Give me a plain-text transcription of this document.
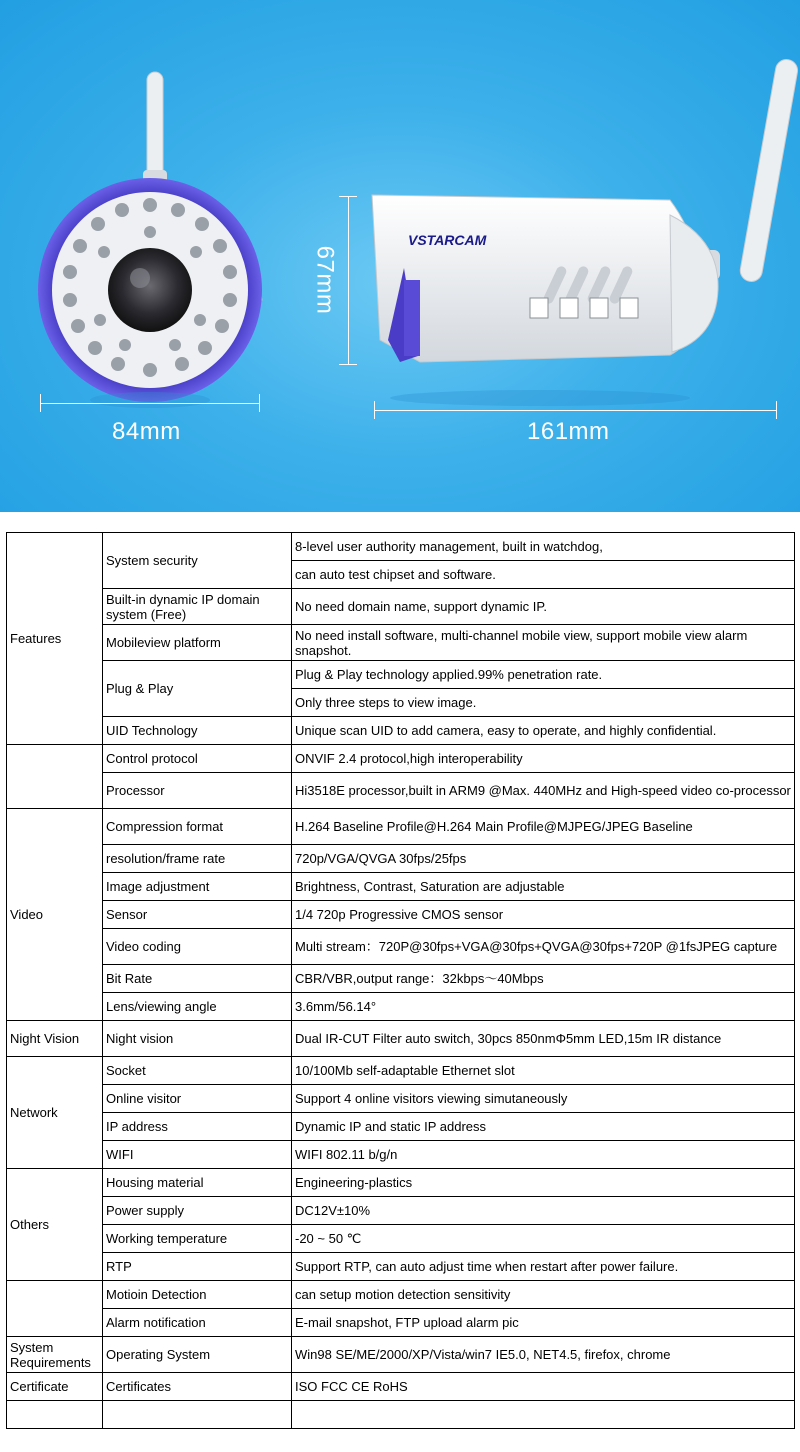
VSTARCAM
84mm
67mm
161mm
Features	System security	8-level user authority management, built in watchdog,
		can auto test chipset and software.
	Built-in dynamic IP domain system (Free)	No need domain name, support dynamic IP.
	Mobileview platform	No need install software, multi-channel mobile view, support mobile view alarm snapshot.
	Plug & Play	Plug & Play technology applied.99% penetration rate.
		Only three steps to view image.
	UID Technology	Unique scan UID to add camera, easy to operate, and highly confidential.
	Control protocol	ONVIF 2.4 protocol,high interoperability
	Processor	Hi3518E processor,built in ARM9 @Max. 440MHz and High-speed video co-processor
Video	Compression format	H.264 Baseline Profile@H.264 Main Profile@MJPEG/JPEG Baseline
	resolution/frame rate	720p/VGA/QVGA 30fps/25fps
	Image adjustment	Brightness, Contrast, Saturation are adjustable
	Sensor	1/4 720p Progressive CMOS sensor
	Video coding	Multi stream：720P@30fps+VGA@30fps+QVGA@30fps+720P @1fsJPEG capture
	Bit Rate	CBR/VBR,output range：32kbps～40Mbps
	Lens/viewing angle	3.6mm/56.14°
Night Vision	Night vision	Dual IR-CUT Filter auto switch, 30pcs 850nmΦ5mm LED,15m IR distance
Network	Socket	10/100Mb self-adaptable Ethernet slot
	Online visitor	Support 4 online visitors viewing simutaneously
	IP address	Dynamic IP and static IP address
	WIFI	WIFI 802.11 b/g/n
Others	Housing material	Engineering-plastics
	Power supply	DC12V±10%
	Working temperature	-20 ~ 50 ℃
	RTP	Support RTP, can auto adjust time when restart after power failure.
	Motioin Detection	can setup motion detection sensitivity
	Alarm notification	E-mail snapshot, FTP upload alarm pic
System Requirements	Operating System	Win98 SE/ME/2000/XP/Vista/win7 IE5.0, NET4.5, firefox, chrome
Certificate	Certificates	ISO FCC CE RoHS
